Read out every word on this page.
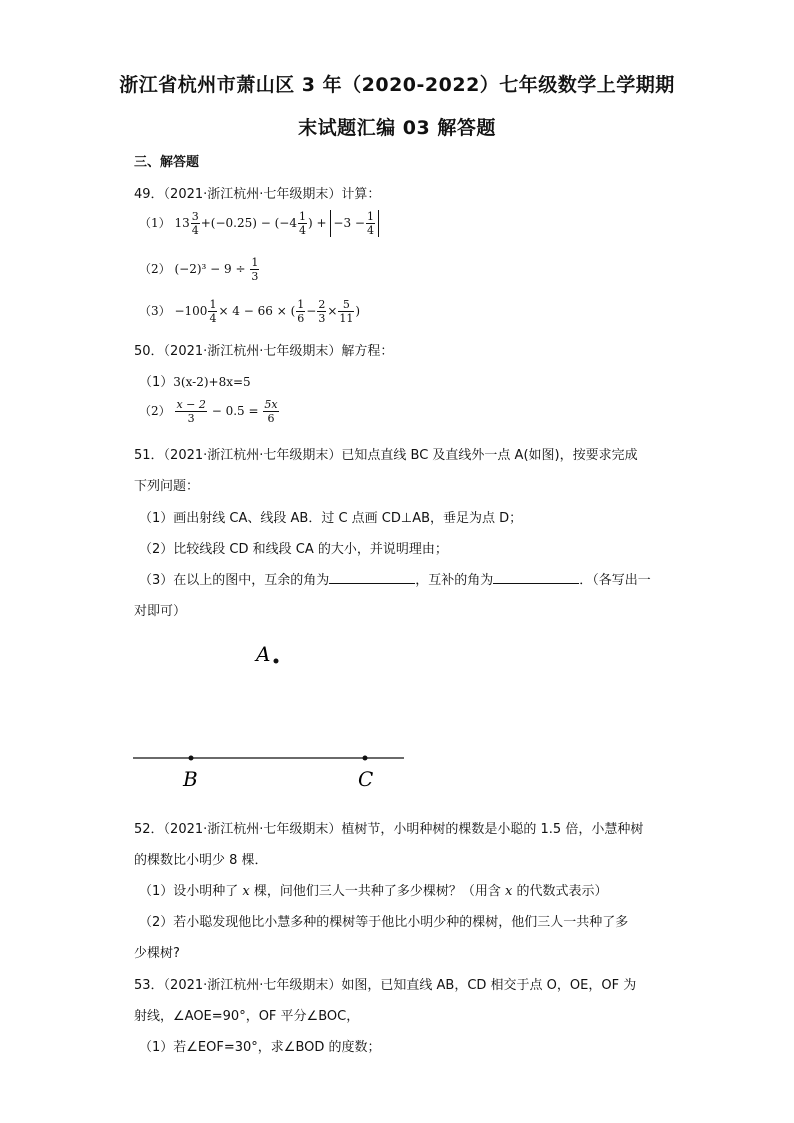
浙江省杭州市萧山区 3 年（2020-2022）七年级数学上学期期
末试题汇编 03 解答题
三、解答题
49．（2021·浙江杭州·七年级期末）计算：
（1） $13 \frac{3}{4} +(-0.25) - (-4 \frac{1}{4}$ ) + $-3 - \frac{1}{4}$
（2） $(-2)^3 - 9 \div \frac{1}{3}$
$(3) -100 \frac{1}{4} \times 4 - 66$ × ( $\frac{1}{6} - \frac{2}{3} \times \frac{5}{11}$ )
50．（2021·浙江杭州·七年级期末）解方程：
（1）3(x-2)+8x=5
$(2) \frac{x - 2}{3} - 0.5 = \frac{5x}{6}$
51．（2021·浙江杭州·七年级期末）已知点直线 BC 及直线外一点 A(如图)，按要求完成
下列问题：
（1）画出射线 CA、线段 AB．过 C 点画 CD⊥AB，垂足为点 D；
（2）比较线段 CD 和线段 CA 的大小，并说明理由；
（3）在以上的图中，互余的角为	，互补的角为	．（各写出一
对即可）
A
B	C
52．（2021·浙江杭州·七年级期末）植树节，小明种树的棵数是小聪的 1.5 倍，小慧种树
的棵数比小明少 8 棵．
（1）设小明种了 x 棵，问他们三人一共种了多少棵树？（用含 x 的代数式表示）
（2）若小聪发现他比小慧多种的棵树等于他比小明少种的棵树，他们三人一共种了多
少棵树?
53．（2021·浙江杭州·七年级期末）如图，已知直线 AB，CD 相交于点 O，OE，OF 为
射线，∠AOE=90°，OF 平分∠BOC，
（1）若∠EOF=30°，求∠BOD 的度数；
